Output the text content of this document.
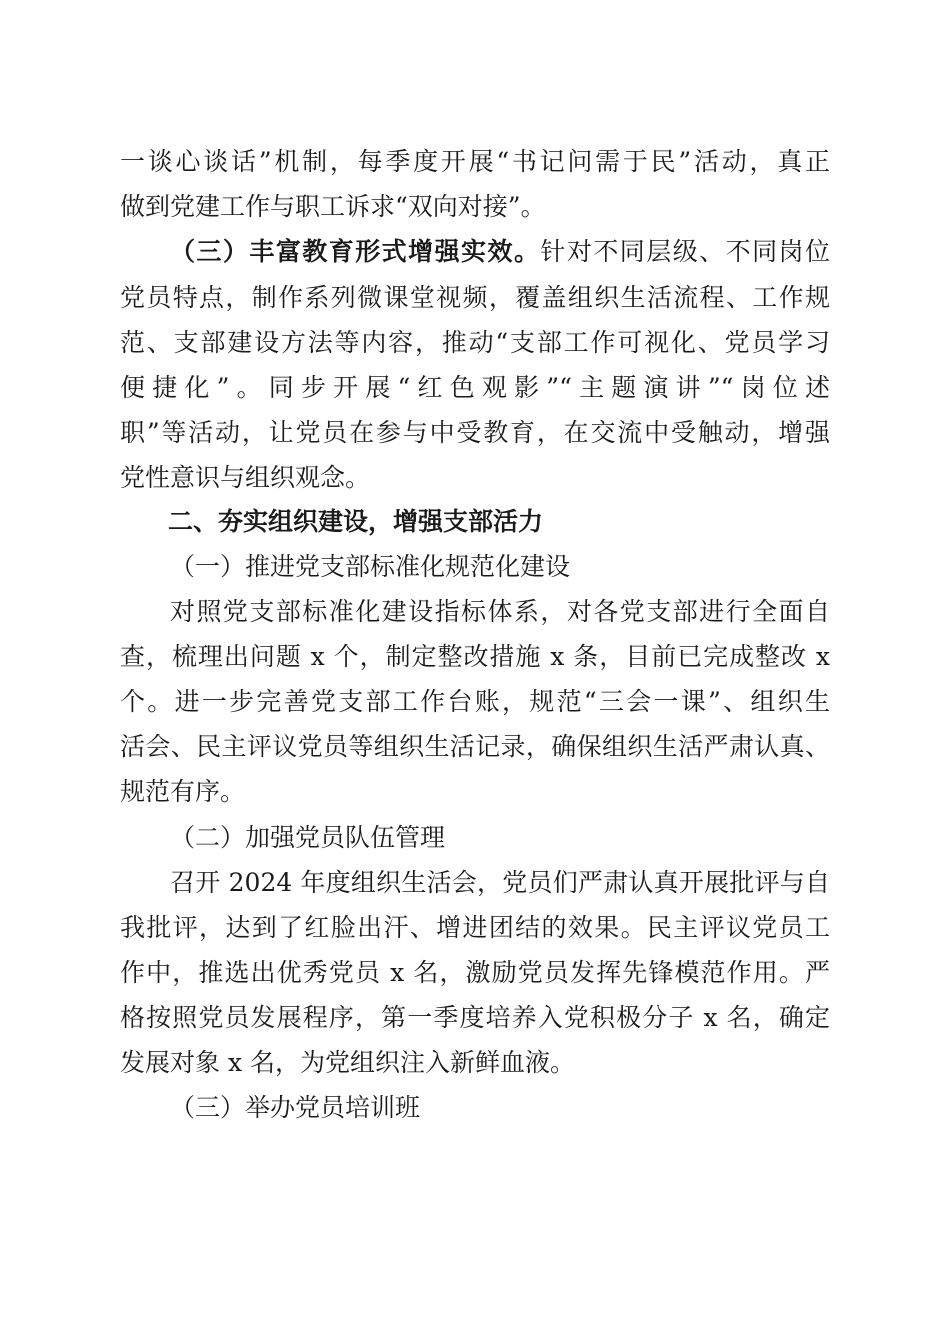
一谈心谈话”机制，每季度开展“书记问需于民”活动，真正
做到党建工作与职工诉求“双向对接”。
（三）丰富教育形式增强实效。针对不同层级、不同岗位
党员特点，制作系列微课堂视频，覆盖组织生活流程、工作规
范、支部建设方法等内容，推动“支部工作可视化、党员学习
便捷化”。同步开展“红色观影”“主题演讲”“岗位述
职”等活动，让党员在参与中受教育，在交流中受触动，增强
党性意识与组织观念。
二、夯实组织建设，增强支部活力
（一）推进党支部标准化规范化建设
对照党支部标准化建设指标体系，对各党支部进行全面自
查，梳理出问题 x 个，制定整改措施 x 条，目前已完成整改 x
个。进一步完善党支部工作台账，规范“三会一课”、组织生
活会、民主评议党员等组织生活记录，确保组织生活严肃认真、
规范有序。
（二）加强党员队伍管理
召开 2024 年度组织生活会，党员们严肃认真开展批评与自
我批评，达到了红脸出汗、增进团结的效果。民主评议党员工
作中，推选出优秀党员 x 名，激励党员发挥先锋模范作用。严
格按照党员发展程序，第一季度培养入党积极分子 x 名，确定
发展对象 x 名，为党组织注入新鲜血液。
（三）举办党员培训班
